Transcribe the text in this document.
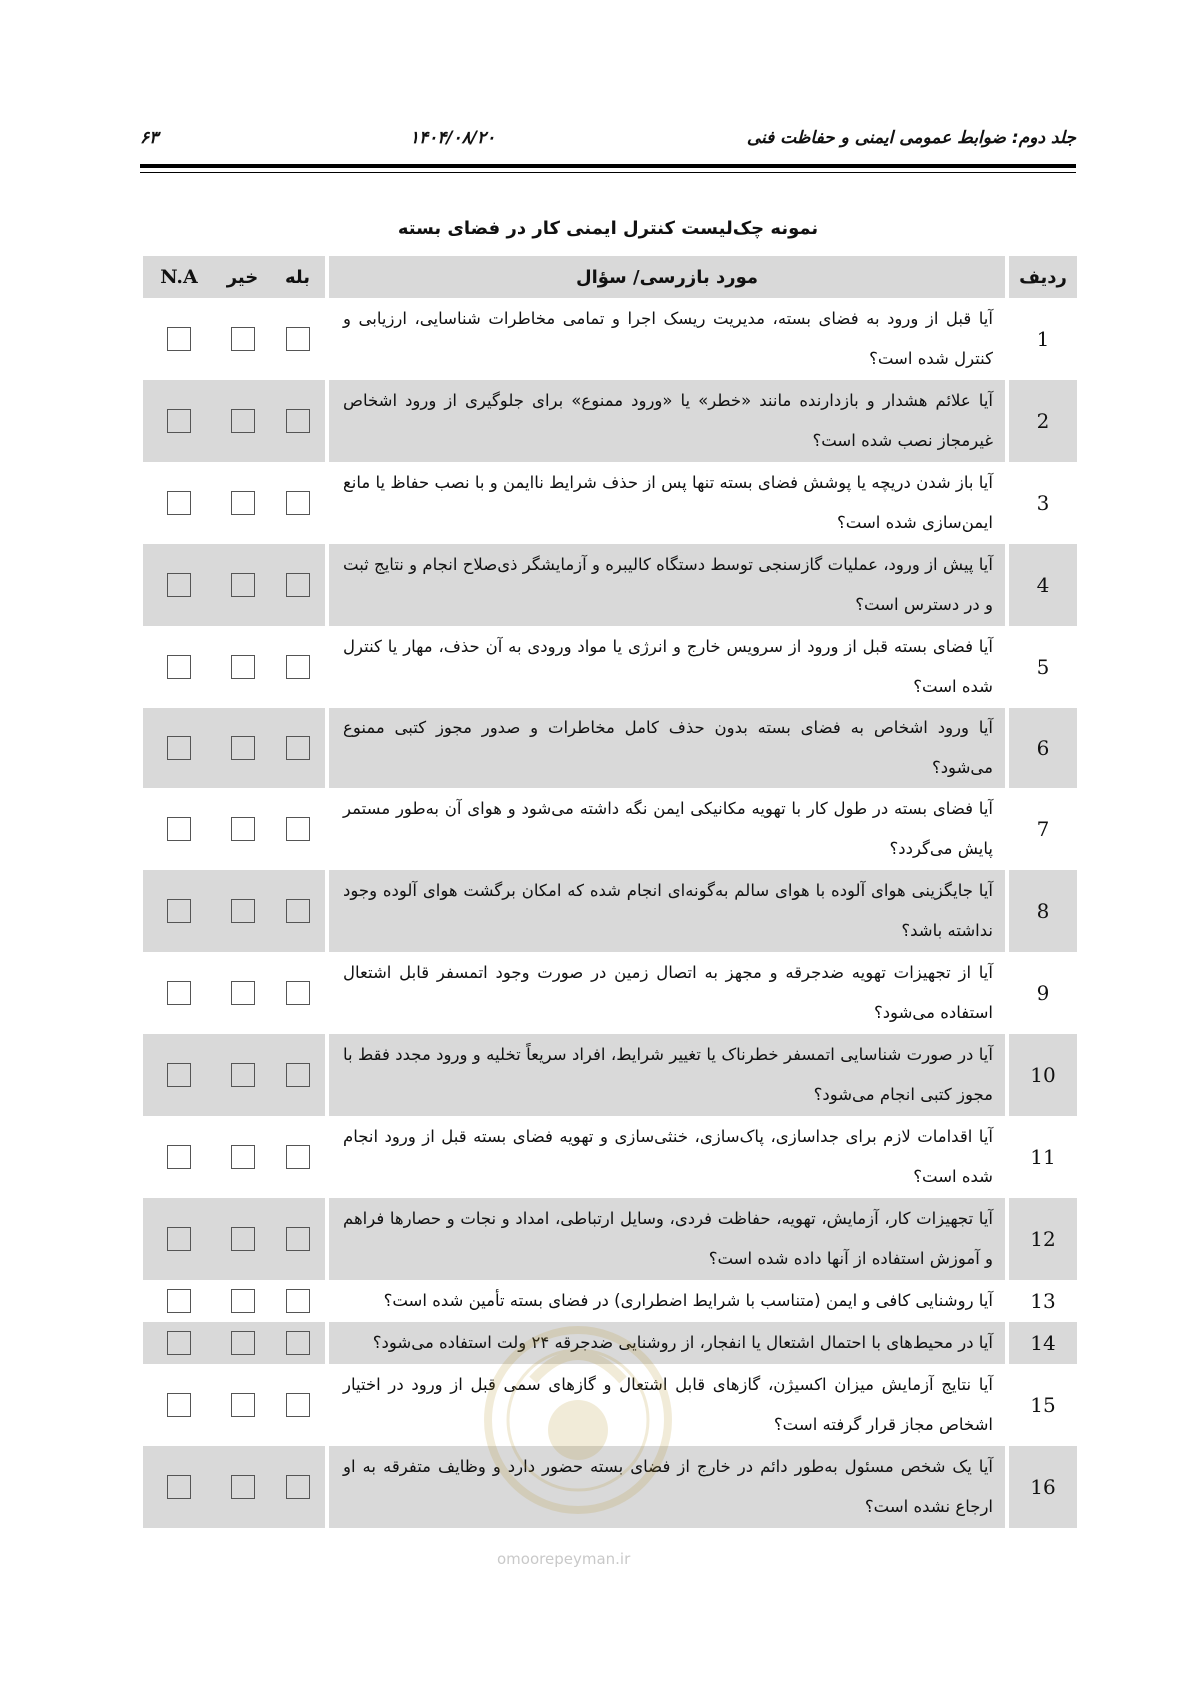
جلد دوم: ضوابط عمومی ایمنی و حفاظت فنی
۱۴۰۴/۰۸/۲۰
۶۳
نمونه چک‌لیست کنترل ایمنی کار در فضای بسته
ردیف	مورد بازرسی/ سؤال	بله	خیر	N.A
1	آیا قبل از ورود به فضای بسته، مدیریت ریسک اجرا و تمامی مخاطرات شناسایی، ارزیابی و کنترل شده است؟			
2	آیا علائم هشدار و بازدارنده مانند «خطر» یا «ورود ممنوع» برای جلوگیری از ورود اشخاص غیرمجاز نصب شده است؟			
3	آیا باز شدن دریچه یا پوشش فضای بسته تنها پس از حذف شرایط ناایمن و با نصب حفاظ یا مانع ایمن‌سازی شده است؟			
4	آیا پیش از ورود، عملیات گازسنجی توسط دستگاه کالیبره و آزمایشگر ذی‌صلاح انجام و نتایج ثبت و در دسترس است؟			
5	آیا فضای بسته قبل از ورود از سرویس خارج و انرژی یا مواد ورودی به آن حذف، مهار یا کنترل شده است؟			
6	آیا ورود اشخاص به فضای بسته بدون حذف کامل مخاطرات و صدور مجوز کتبی ممنوع می‌شود؟			
7	آیا فضای بسته در طول کار با تهویه مکانیکی ایمن نگه داشته می‌شود و هوای آن به‌طور مستمر پایش می‌گردد؟			
8	آیا جایگزینی هوای آلوده با هوای سالم به‌گونه‌ای انجام شده که امکان برگشت هوای آلوده وجود نداشته باشد؟			
9	آیا از تجهیزات تهویه ضدجرقه و مجهز به اتصال زمین در صورت وجود اتمسفر قابل اشتعال استفاده می‌شود؟			
10	آیا در صورت شناسایی اتمسفر خطرناک یا تغییر شرایط، افراد سریعاً تخلیه و ورود مجدد فقط با مجوز کتبی انجام می‌شود؟			
11	آیا اقدامات لازم برای جداسازی، پاک‌سازی، خنثی‌سازی و تهویه فضای بسته قبل از ورود انجام شده است؟			
12	آیا تجهیزات کار، آزمایش، تهویه، حفاظت فردی، وسایل ارتباطی، امداد و نجات و حصارها فراهم و آموزش استفاده از آنها داده شده است؟			
13	آیا روشنایی کافی و ایمن (متناسب با شرایط اضطراری) در فضای بسته تأمین شده است؟			
14	آیا در محیط‌های با احتمال اشتعال یا انفجار، از روشنایی ضدجرقه ۲۴ ولت استفاده می‌شود؟			
15	آیا نتایج آزمایش میزان اکسیژن، گازهای قابل اشتعال و گازهای سمی قبل از ورود در اختیار اشخاص مجاز قرار گرفته است؟			
16	آیا یک شخص مسئول به‌طور دائم در خارج از فضای بسته حضور دارد و وظایف متفرقه به او ارجاع نشده است؟			
omoorepeyman.ir
